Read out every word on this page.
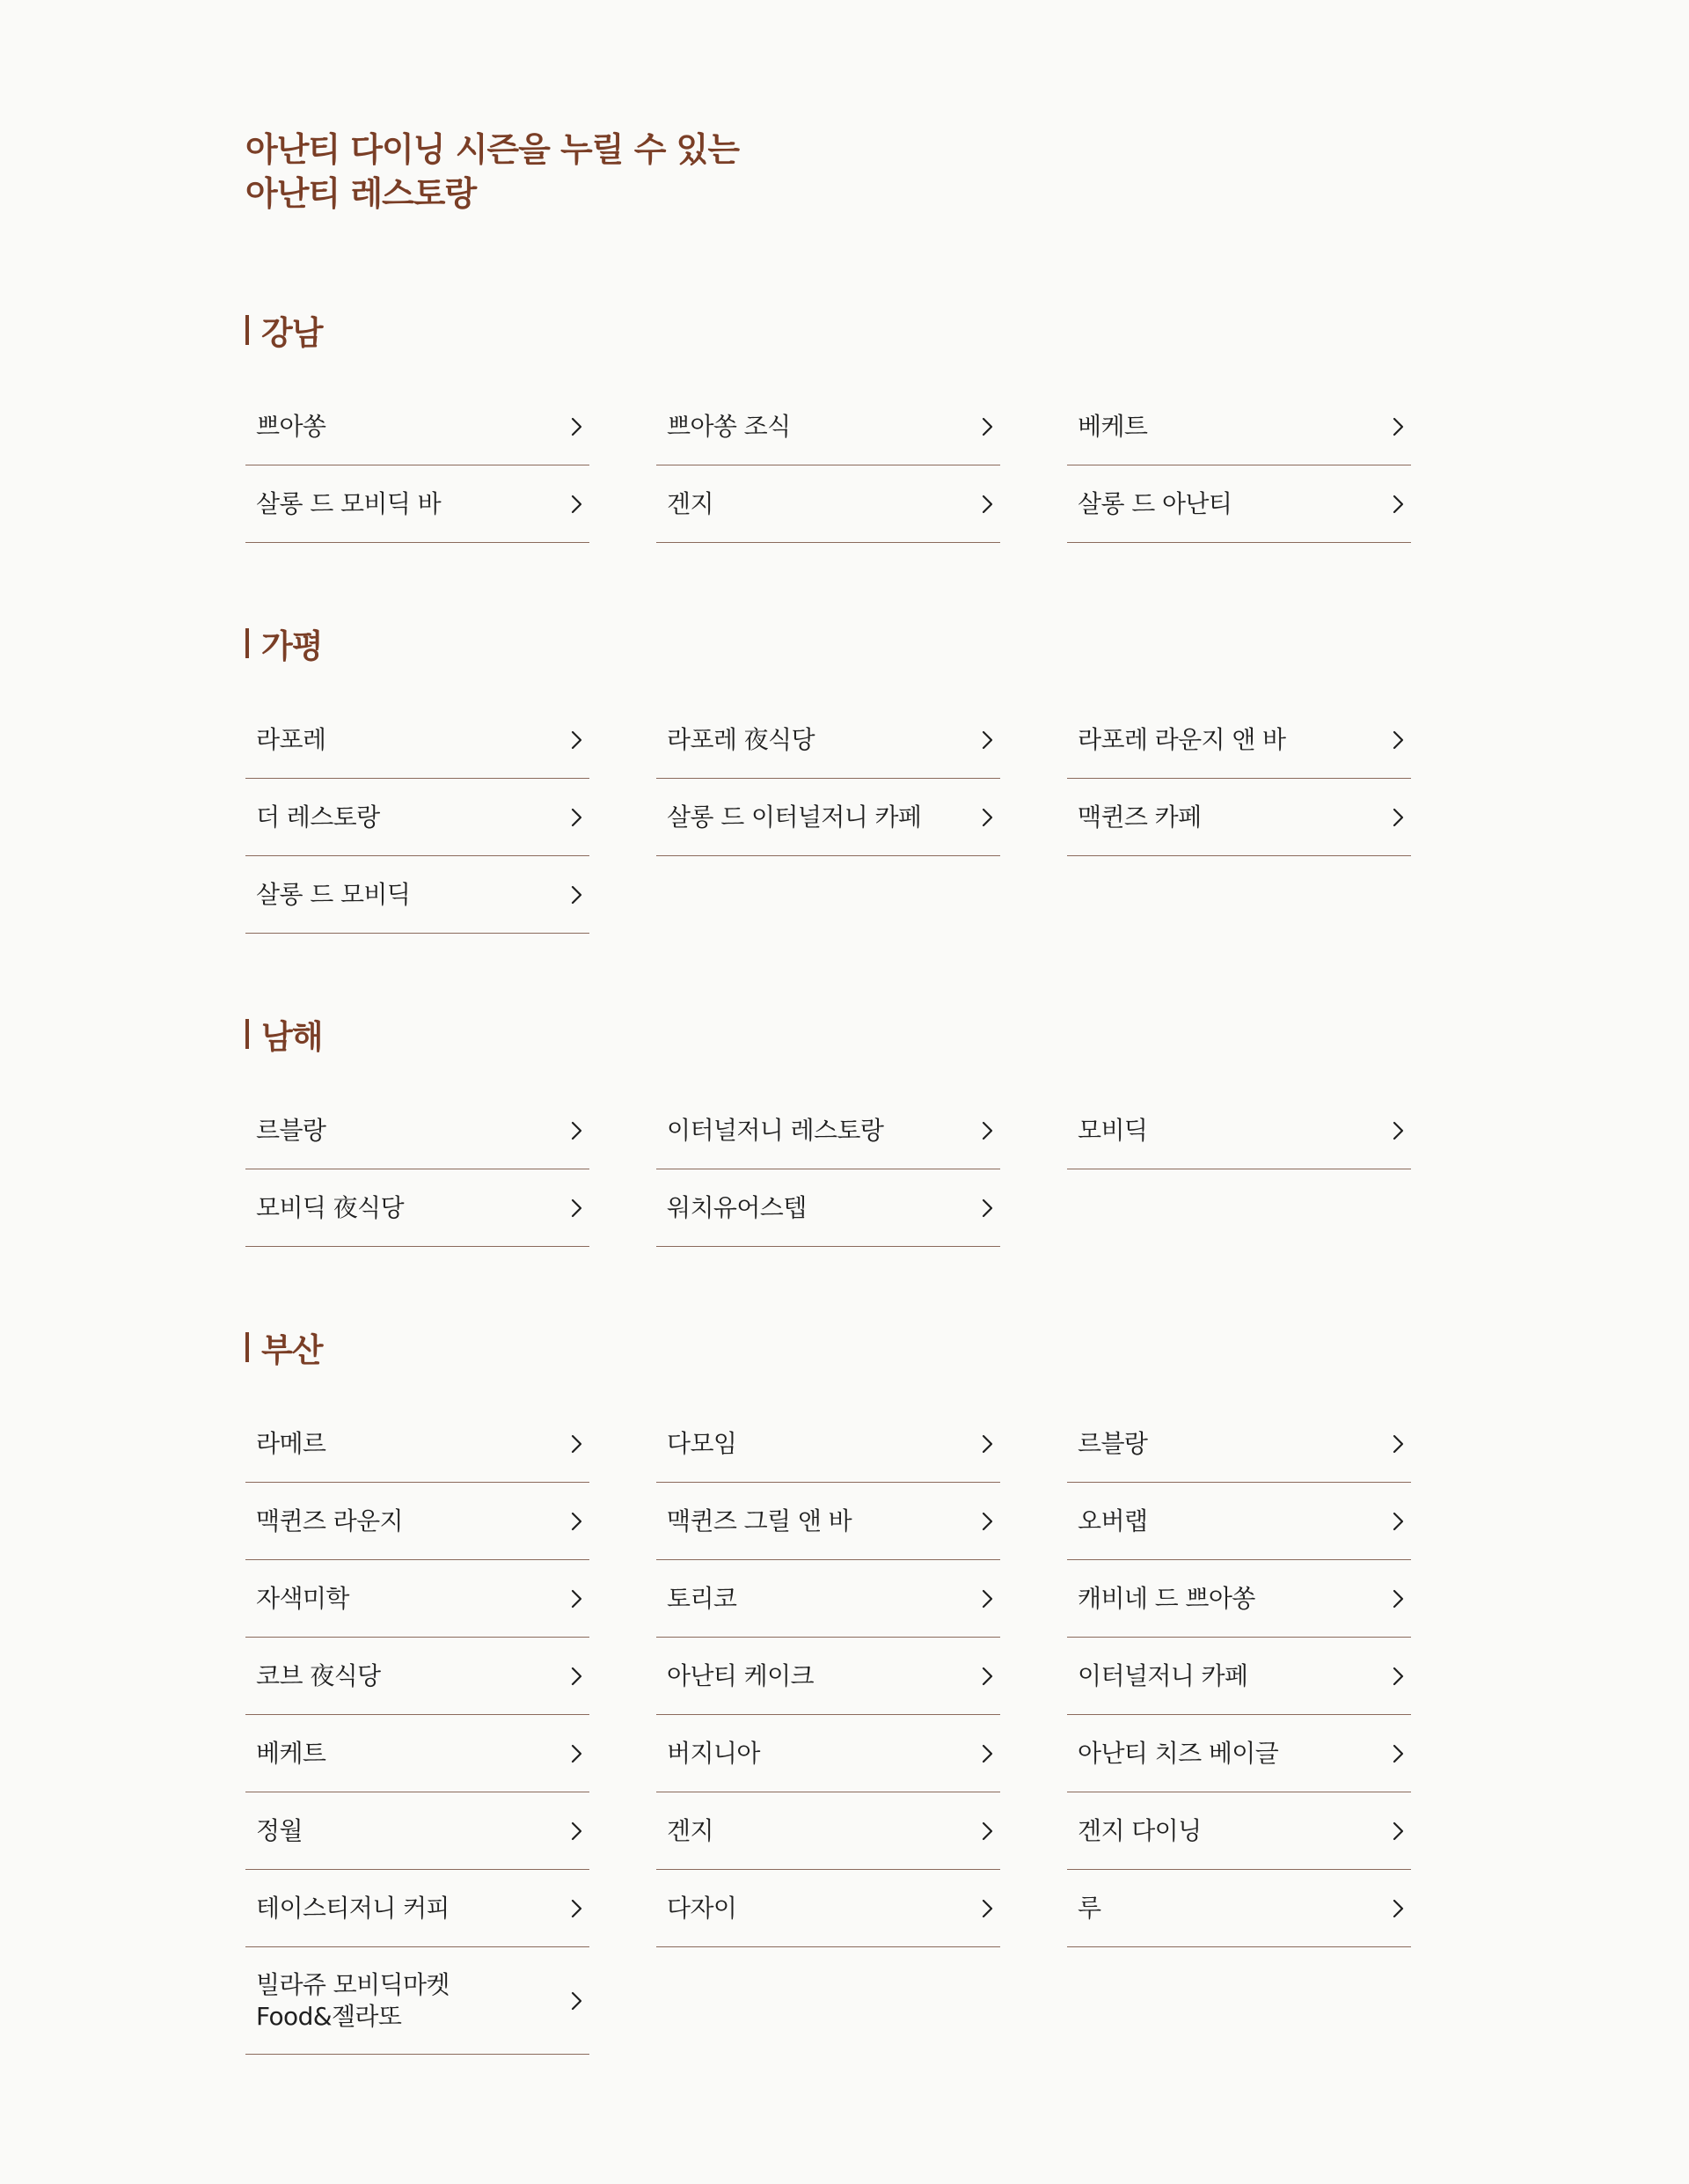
아난티 다이닝 시즌을 누릴 수 있는
아난티 레스토랑
강남
쁘아쏭	쁘아쏭 조식	베케트
살롱 드 모비딕 바	겐지	살롱 드 아난티
가평
라포레	라포레 夜식당	라포레 라운지 앤 바
더 레스토랑	살롱 드 이터널저니 카페	맥퀸즈 카페
살롱 드 모비딕
남해
르블랑	이터널저니 레스토랑	모비딕
모비딕 夜식당	워치유어스텝
부산
라메르	다모임	르블랑
맥퀸즈 라운지	맥퀸즈 그릴 앤 바	오버랩
자색미학	토리코	캐비네 드 쁘아쏭
코브 夜식당	아난티 케이크	이터널저니 카페
베케트	버지니아	아난티 치즈 베이글
정월	겐지	겐지 다이닝
테이스티저니 커피	다자이	루
빌라쥬 모비딕마켓
Food&젤라또
